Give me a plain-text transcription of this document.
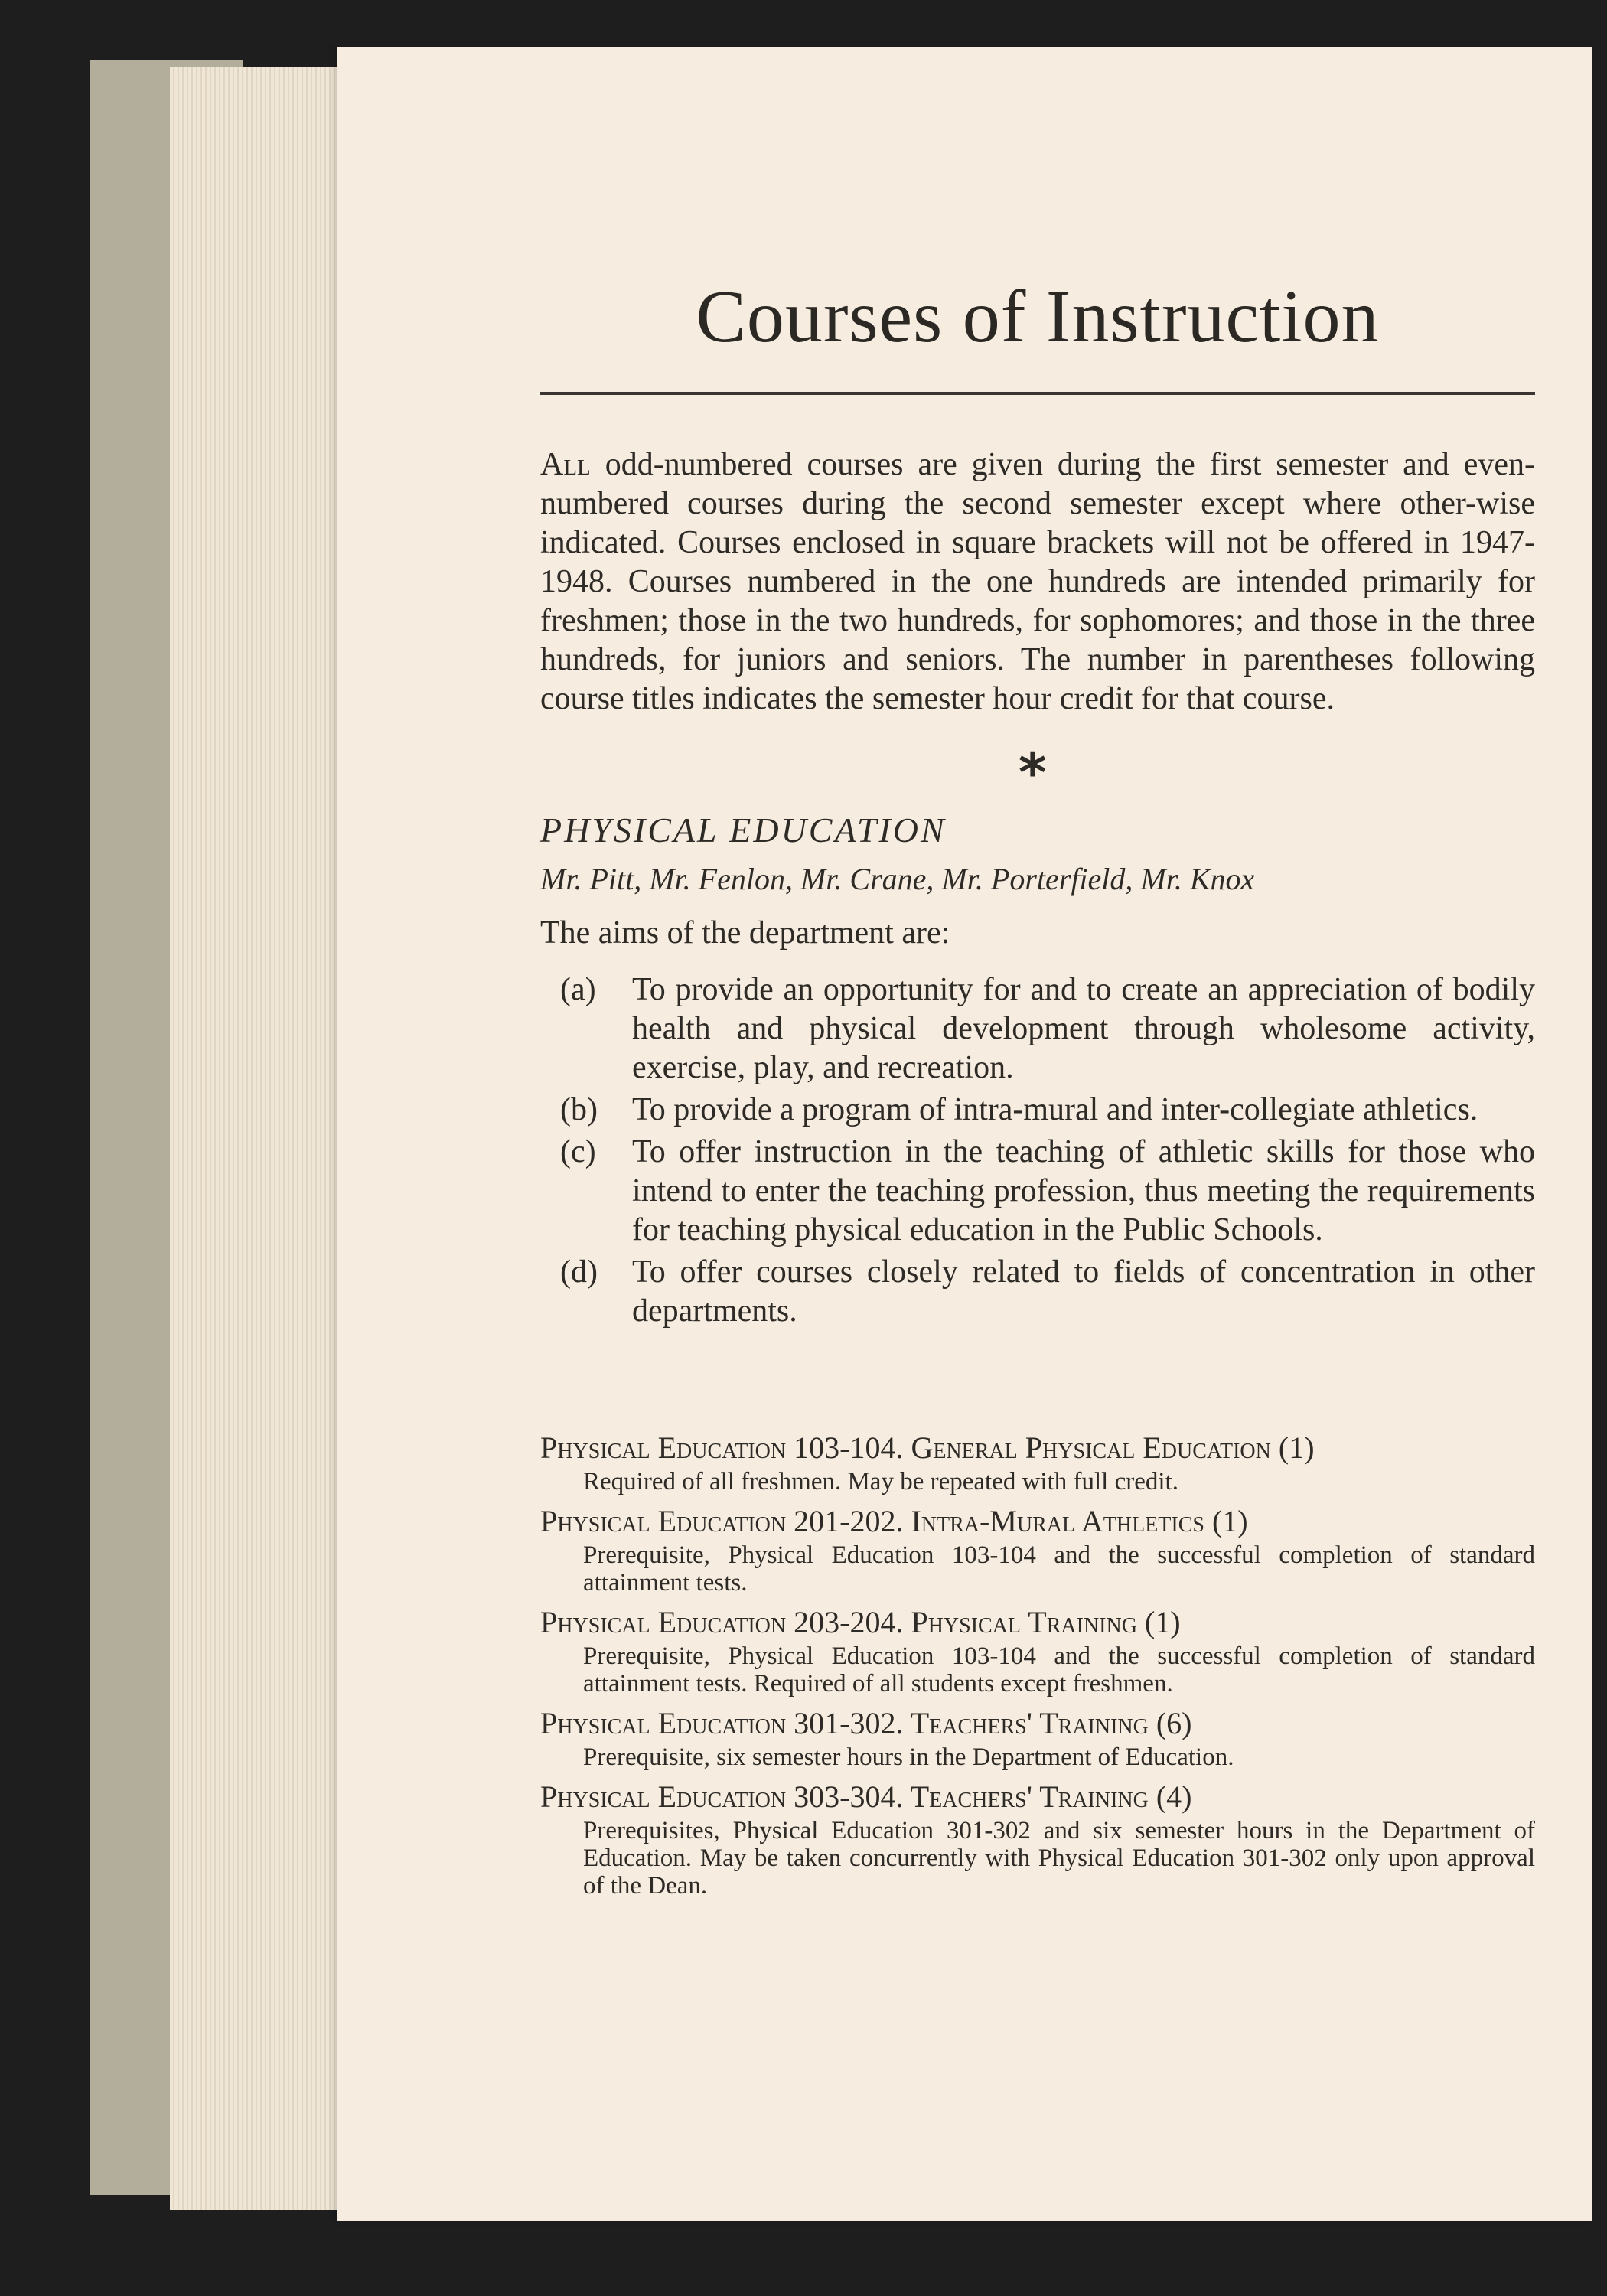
Courses of Instruction

All odd-numbered courses are given during the first semester and even-numbered courses during the second semester except where other-wise indicated. Courses enclosed in square brackets will not be offered in 1947-1948. Courses numbered in the one hundreds are intended primarily for freshmen; those in the two hundreds, for sophomores; and those in the three hundreds, for juniors and seniors. The number in parentheses following course titles indicates the semester hour credit for that course.

*
PHYSICAL EDUCATION

Mr. Pitt, Mr. Fenlon, Mr. Crane, Mr. Porterfield, Mr. Knox

The aims of the department are:

(a) To provide an opportunity for and to create an appreciation of bodily health and physical development through wholesome activity, exercise, play, and recreation.
(b) To provide a program of intra-mural and inter-collegiate athletics.
(c) To offer instruction in the teaching of athletic skills for those who intend to enter the teaching profession, thus meeting the requirements for teaching physical education in the Public Schools.
(d) To offer courses closely related to fields of concentration in other departments.

Physical Education 103-104. General Physical Education (1)

Required of all freshmen. May be repeated with full credit.

Physical Education 201-202. Intra-Mural Athletics (1)

Prerequisite, Physical Education 103-104 and the successful completion of standard attainment tests.

Physical Education 203-204. Physical Training (1)

Prerequisite, Physical Education 103-104 and the successful completion of standard attainment tests. Required of all students except freshmen.

Physical Education 301-302. Teachers' Training (6)

Prerequisite, six semester hours in the Department of Education.

Physical Education 303-304. Teachers' Training (4)

Prerequisites, Physical Education 301-302 and six semester hours in the Department of Education. May be taken concurrently with Physical Education 301-302 only upon approval of the Dean.
